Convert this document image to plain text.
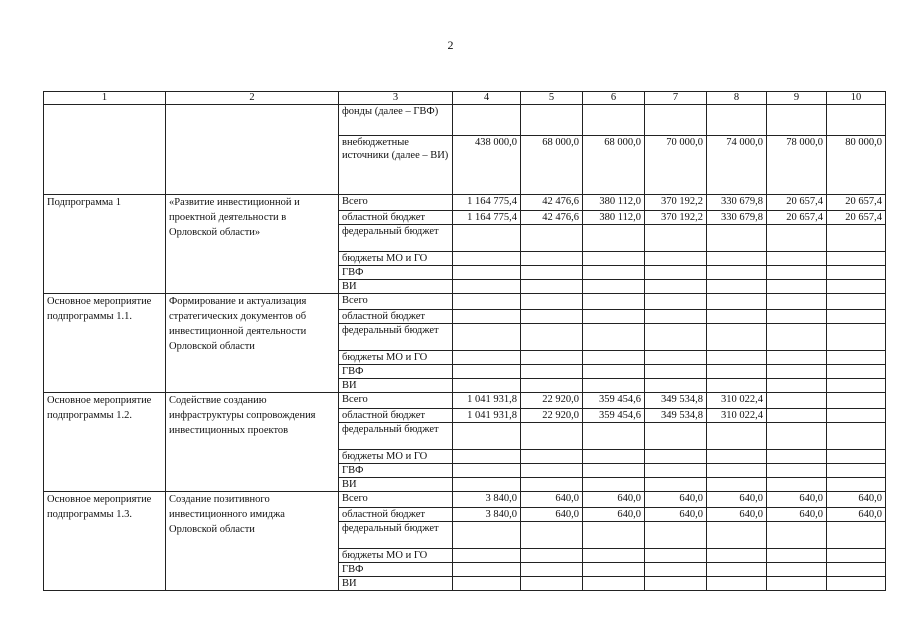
2
1	2	3	4	5	6	7	8	9	10
		фонды (далее – ГВФ)							
		внебюджетные источники (далее – ВИ)	438 000,0	68 000,0	68 000,0	70 000,0	74 000,0	78 000,0	80 000,0

Подпрограмма 1	«Развитие инвестиционной и проектной деятельности в Орловской области»	Всего	1 164 775,4	42 476,6	380 112,0	370 192,2	330 679,8	20 657,4	20 657,4
		областной бюджет	1 164 775,4	42 476,6	380 112,0	370 192,2	330 679,8	20 657,4	20 657,4
		федеральный бюджет							
		бюджеты МО и ГО							
		ГВФ							
		ВИ							
Основное мероприятие подпрограммы 1.1.	Формирование и актуализация стратегических документов об инвестиционной деятельности Орловской области	Всего							
		областной бюджет							
		федеральный бюджет							
		бюджеты МО и ГО							
		ГВФ							
		ВИ							
Основное мероприятие подпрограммы 1.2.	Содействие созданию инфраструктуры сопровождения инвестиционных проектов	Всего	1 041 931,8	22 920,0	359 454,6	349 534,8	310 022,4		
		областной бюджет	1 041 931,8	22 920,0	359 454,6	349 534,8	310 022,4		
		федеральный бюджет							
		бюджеты МО и ГО							
		ГВФ							
		ВИ							
Основное мероприятие подпрограммы 1.3.	Создание позитивного инвестиционного имиджа Орловской области	Всего	3 840,0	640,0	640,0	640,0	640,0	640,0	640,0
		областной бюджет	3 840,0	640,0	640,0	640,0	640,0	640,0	640,0
		федеральный бюджет							
		бюджеты МО и ГО							
		ГВФ							
		ВИ							
